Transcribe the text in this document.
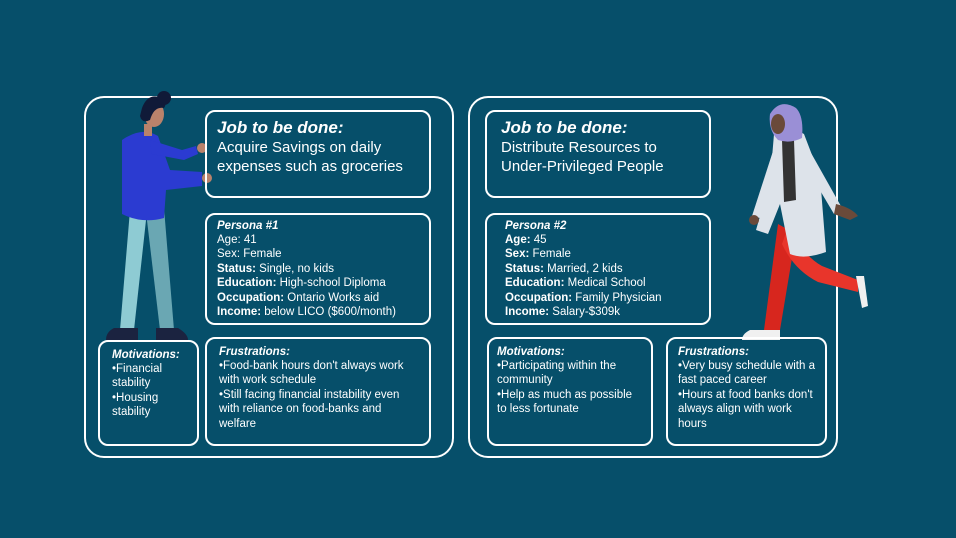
Job to be done:
Acquire Savings on daily expenses such as groceries
Persona #1
Age: 41
Sex: Female
Status: Single, no kids
Education: High-school Diploma
Occupation: Ontario Works aid
Income: below LICO ($600/month)
Motivations:
•Financial stability
•Housing stability
Frustrations:
•Food-bank hours don't always work with work schedule
•Still facing financial instability even with reliance on food-banks and welfare
Job to be done:
Distribute Resources to Under-Privileged People
Persona #2
Age: 45
Sex: Female
Status: Married, 2 kids
Education: Medical School
Occupation: Family Physician
Income: Salary-$309k
Motivations:
•Participating within the community
•Help as much as possible to less fortunate
Frustrations:
•Very busy schedule with a fast paced career
•Hours at food banks don't always align with work hours
